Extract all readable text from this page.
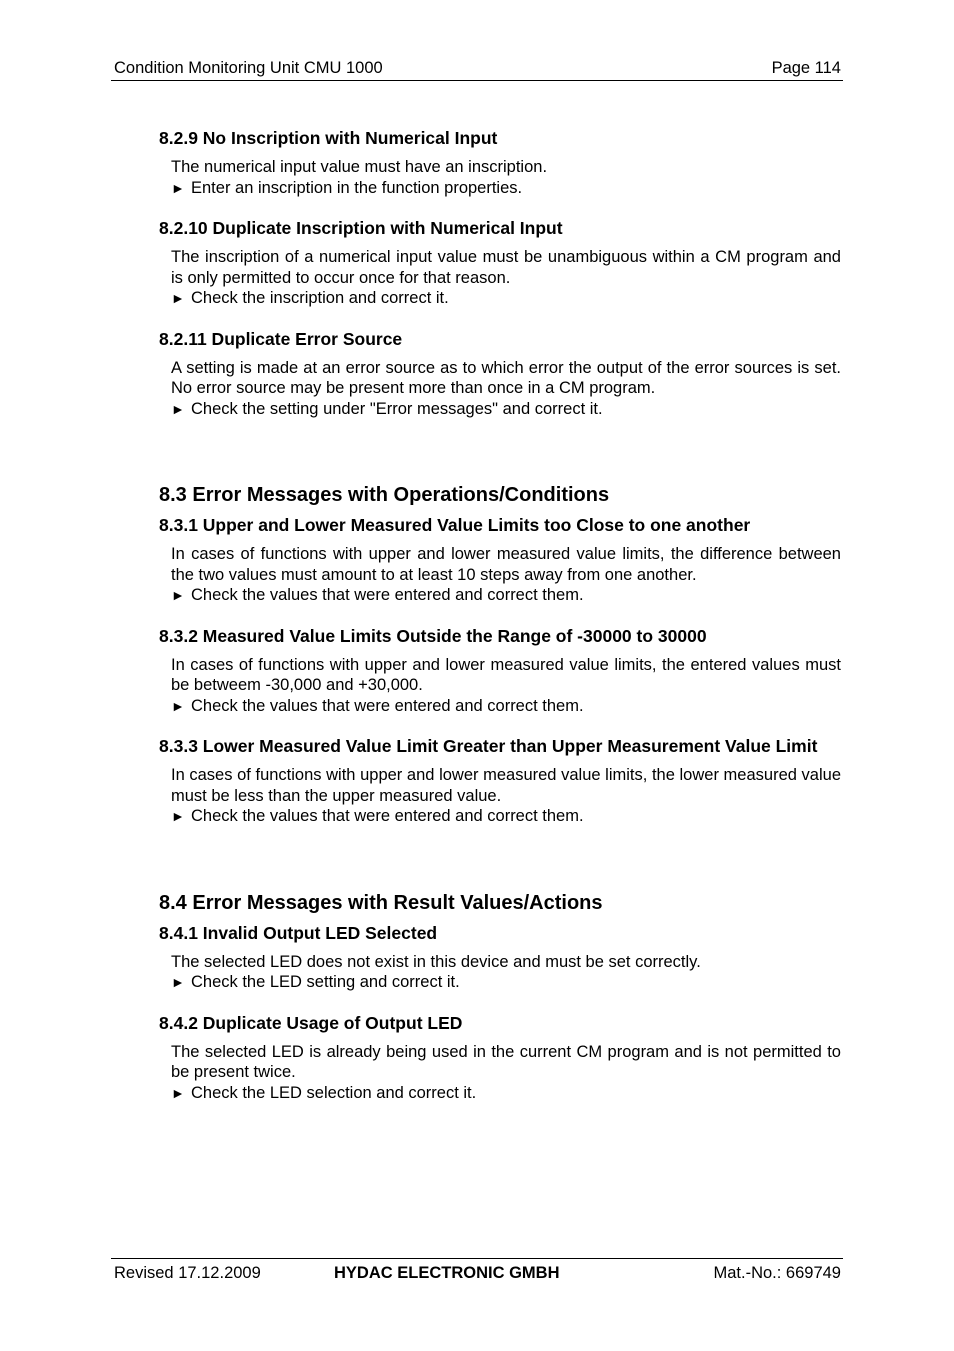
Condition Monitoring Unit CMU 1000	Page 114

8.2.9 No Inscription with Numerical Input

The numerical input value must have an inscription.

► Enter an inscription in the function properties.

8.2.10 Duplicate Inscription with Numerical Input

The inscription of a numerical input value must be unambiguous within a CM program and is only permitted to occur once for that reason.

► Check the inscription and correct it.

8.2.11 Duplicate Error Source

A setting is made at an error source as to which error the output of the error sources is set. No error source may be present more than once in a CM program.

► Check the setting under "Error messages" and correct it.

8.3 Error Messages with Operations/Conditions

8.3.1 Upper and Lower Measured Value Limits too Close to one another

In cases of functions with upper and lower measured value limits, the difference between the two values must amount to at least 10 steps away from one another.

► Check the values that were entered and correct them.

8.3.2 Measured Value Limits Outside the Range of -30000 to 30000

In cases of functions with upper and lower measured value limits, the entered values must be betweem -30,000 and +30,000.

► Check the values that were entered and correct them.

8.3.3 Lower Measured Value Limit Greater than Upper Measurement Value Limit

In cases of functions with upper and lower measured value limits, the lower measured value must be less than the upper measured value.

► Check the values that were entered and correct them.

8.4 Error Messages with Result Values/Actions

8.4.1 Invalid Output LED Selected

The selected LED does not exist in this device and must be set correctly.

► Check the LED setting and correct it.

8.4.2 Duplicate Usage of Output LED

The selected LED is already being used in the current CM program and is not permitted to be present twice.

► Check the LED selection and correct it.

Revised 17.12.2009	HYDAC ELECTRONIC GMBH	Mat.-No.: 669749
